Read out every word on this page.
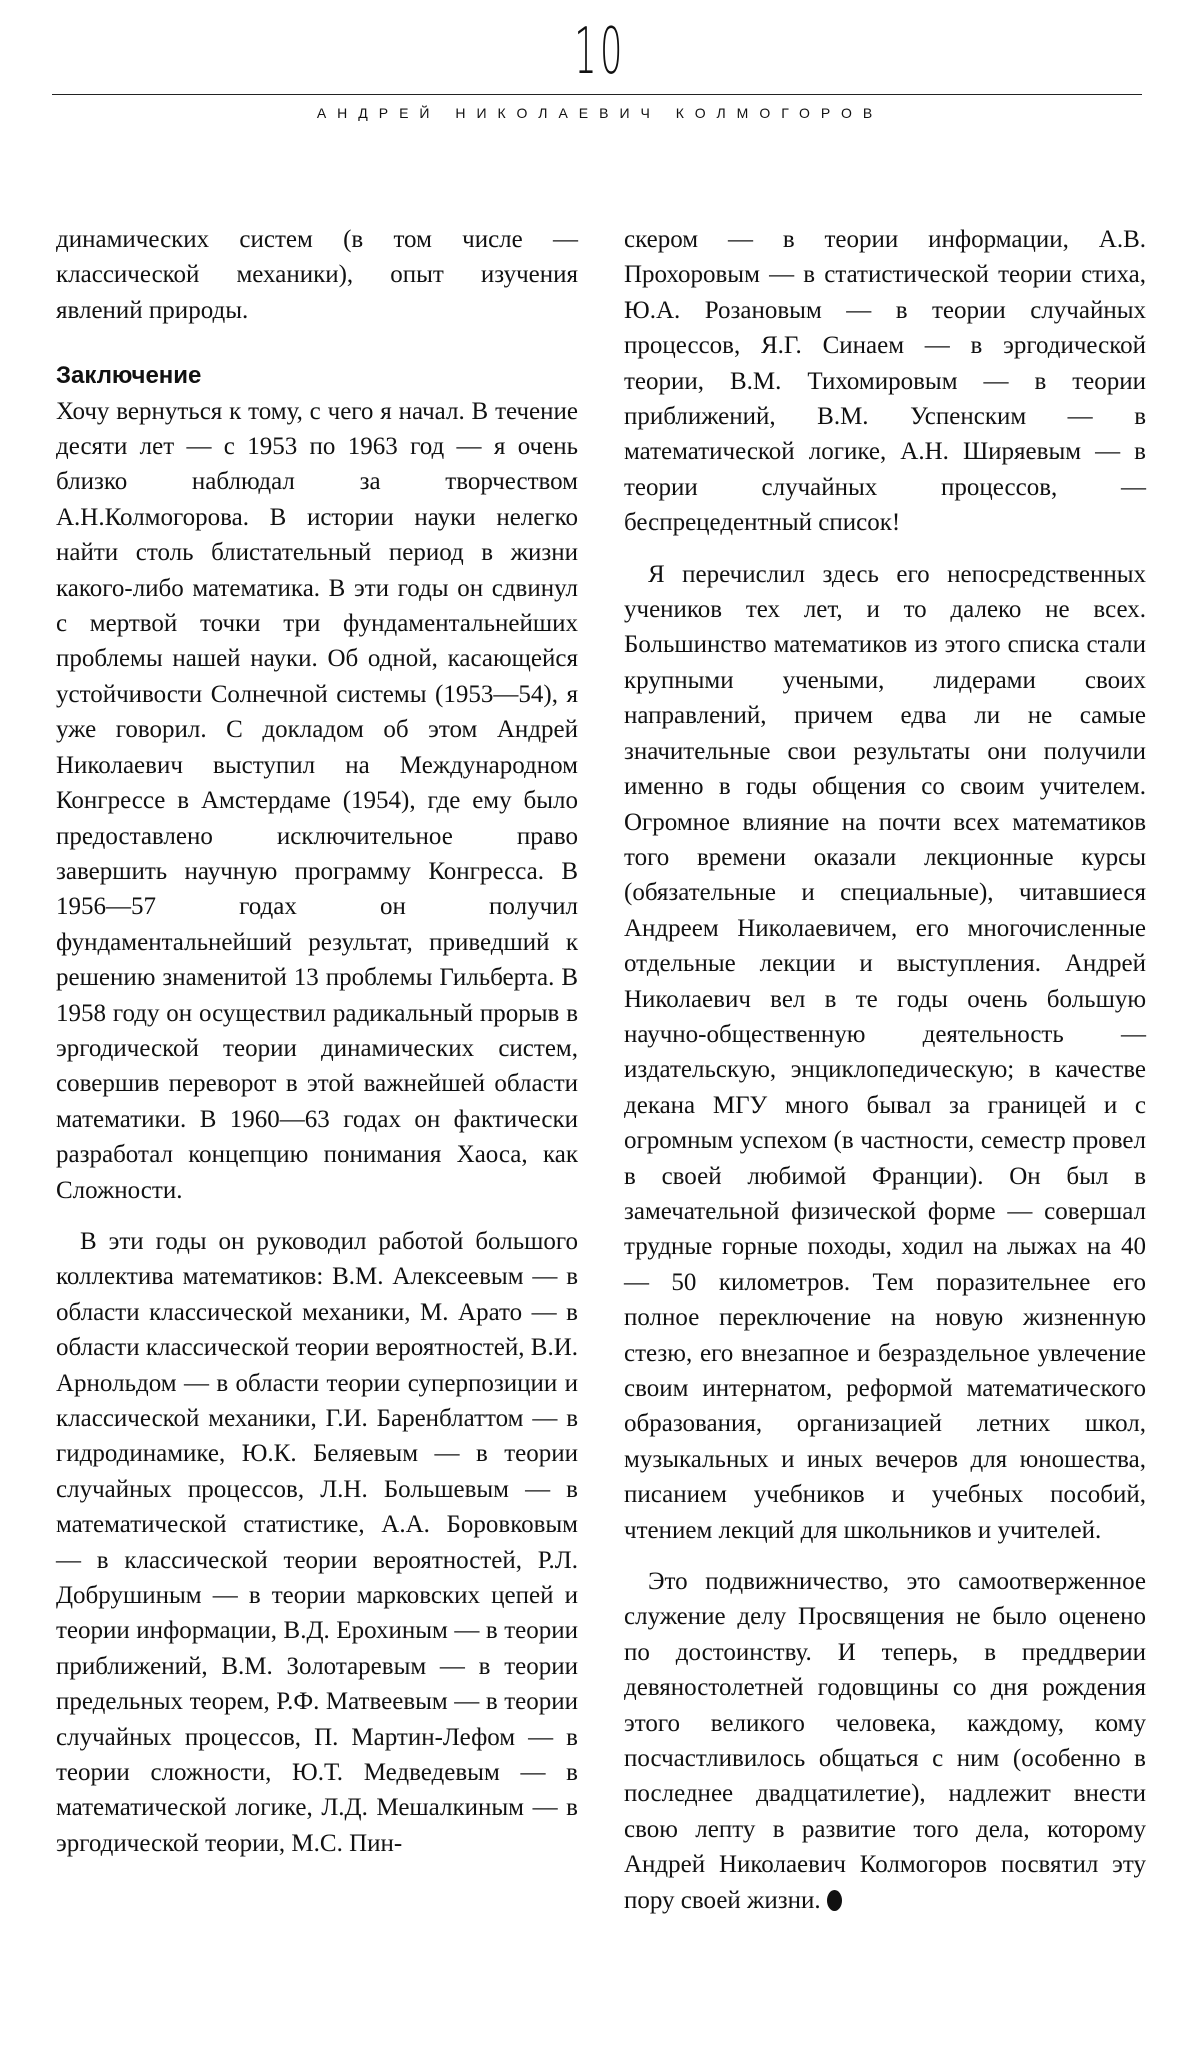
10
АНДРЕЙ НИКОЛАЕВИЧ КОЛМОГОРОВ

динамических систем (в том числе — классической механики), опыт изучения явлений природы.

Заключение

Хочу вернуться к тому, с чего я начал. В течение десяти лет — с 1953 по 1963 год — я очень близко наблюдал за творчеством А.Н.Колмогорова. В истории науки нелегко найти столь блистательный период в жизни какого-либо математика. В эти годы он сдвинул с мертвой точки три фундаментальнейших проблемы нашей науки. Об одной, касающейся устойчивости Солнечной системы (1953—54), я уже говорил. С докладом об этом Андрей Николаевич выступил на Международном Конгрессе в Амстердаме (1954), где ему было предоставлено исключительное право завершить научную программу Конгресса. В 1956—57 годах он получил фундаментальнейший результат, приведший к решению знаменитой 13 проблемы Гильберта. В 1958 году он осуществил радикальный прорыв в эргодической теории динамических систем, совершив переворот в этой важнейшей области математики. В 1960—63 годах он фактически разработал концепцию понимания Хаоса, как Сложности.

В эти годы он руководил работой большого коллектива математиков: В.М. Алексеевым — в области классической механики, М. Арато — в области классической теории вероятностей, В.И. Арнольдом — в области теории суперпозиции и классической механики, Г.И. Баренблаттом — в гидродинамике, Ю.К. Беляевым — в теории случайных процессов, Л.Н. Большевым — в математической статистике, А.А. Боровковым — в классической теории вероятностей, Р.Л. Добрушиным — в теории марковских цепей и теории информации, В.Д. Ерохиным — в теории приближений, В.М. Золотаревым — в теории предельных теорем, Р.Ф. Матвеевым — в теории случайных процессов, П. Мартин-Лефом — в теории сложности, Ю.Т. Медведевым — в математической логике, Л.Д. Мешалкиным — в эргодической теории, М.С. Пин-

скером — в теории информации, А.В. Прохоровым — в статистической теории стиха, Ю.А. Розановым — в теории случайных процессов, Я.Г. Синаем — в эргодической теории, В.М. Тихомировым — в теории приближений, В.М. Успенским — в математической логике, А.Н. Ширяевым — в теории случайных процессов, — беспрецедентный список!

Я перечислил здесь его непосредственных учеников тех лет, и то далеко не всех. Большинство математиков из этого списка стали крупными учеными, лидерами своих направлений, причем едва ли не самые значительные свои результаты они получили именно в годы общения со своим учителем. Огромное влияние на почти всех математиков того времени оказали лекционные курсы (обязательные и специальные), читавшиеся Андреем Николаевичем, его многочисленные отдельные лекции и выступления. Андрей Николаевич вел в те годы очень большую научно-общественную деятельность — издательскую, энциклопедическую; в качестве декана МГУ много бывал за границей и с огромным успехом (в частности, семестр провел в своей любимой Франции). Он был в замечательной физической форме — совершал трудные горные походы, ходил на лыжах на 40 — 50 километров. Тем поразительнее его полное переключение на новую жизненную стезю, его внезапное и безраздельное увлечение своим интернатом, реформой математического образования, организацией летних школ, музыкальных и иных вечеров для юношества, писанием учебников и учебных пособий, чтением лекций для школьников и учителей.

Это подвижничество, это самоотверженное служение делу Просвящения не было оценено по достоинству. И теперь, в преддверии девяностолетней годовщины со дня рождения этого великого человека, каждому, кому посчастливилось общаться с ним (особенно в последнее двадцатилетие), надлежит внести свою лепту в развитие того дела, которому Андрей Николаевич Колмогоров посвятил эту пору своей жизни.
